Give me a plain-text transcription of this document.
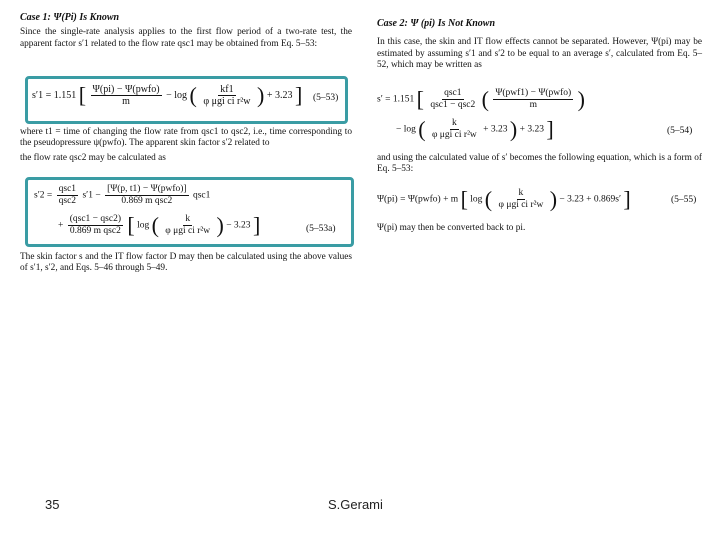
Case 1: Ψ(Pi) Is Known
Since the single-rate analysis applies to the first flow period of a two-rate test, the apparent factor s′1 related to the flow rate qsc1 may be obtained from Eq. 5–53:
s′1 = 1.151 [ $\frac{\text{Ψ(pi) − Ψ(pwfo)}}{m} - \log$ ( $\frac{kf1}{\text{φ μgi ci r²w}}$ ) + 3.23 ] (5–53)
where t1 = time of changing the flow rate from qsc1 to qsc2, i.e., time corresponding to the pseudopressure ψ(pwfo). The apparent skin factor s′2 related to
the flow rate qsc2 may be calculated as
$s'2 = \frac{\text{qsc1}}{\text{qsc2}} s'1 - \frac{\text{[Ψ(p, t1) − Ψ(pwfo)]}}{\text{0.869 m qsc2}} qsc1$
+ $\frac{\text{(qsc1 − qsc2)}}{\text{0.869 m qsc2}}$ [ log ( $\frac{k}{\text{φ μgi ci r²w}}$ ) − 3.23 ]	(5–53a)
The skin factor s and the IT flow factor D may then be calculated using the above values of s′1, s′2, and Eqs. 5–46 through 5–49.
Case 2: Ψ (pi) Is Not Known
In this case, the skin and IT flow effects cannot be separated. However, Ψ(pi) may be estimated by assuming s′1 and s′2 to be equal to an average s′, calculated from Eq. 5–52, which may be written as
s′ = 1.151 [ $\frac{\text{qsc1}}{\text{qsc1 − qsc2}}$ ( $\frac{\text{Ψ(pwf1) − Ψ(pwfo)}}{m}$ )
− log ( $\frac{k}{\text{φ μgi ci r²w}} + 3.23$ ) + 3.23 ]	(5–54)
and using the calculated value of s′ becomes the following equation, which is a form of Eq. 5–53:
Ψ(pi) = Ψ(pwfo) + m [ log ( $\frac{k}{\text{φ μgi ci r²w}}$ ) − 3.23 + 0.869s′ ]	(5–55)
Ψ(pi) may then be converted back to pi.
35	S.Gerami
